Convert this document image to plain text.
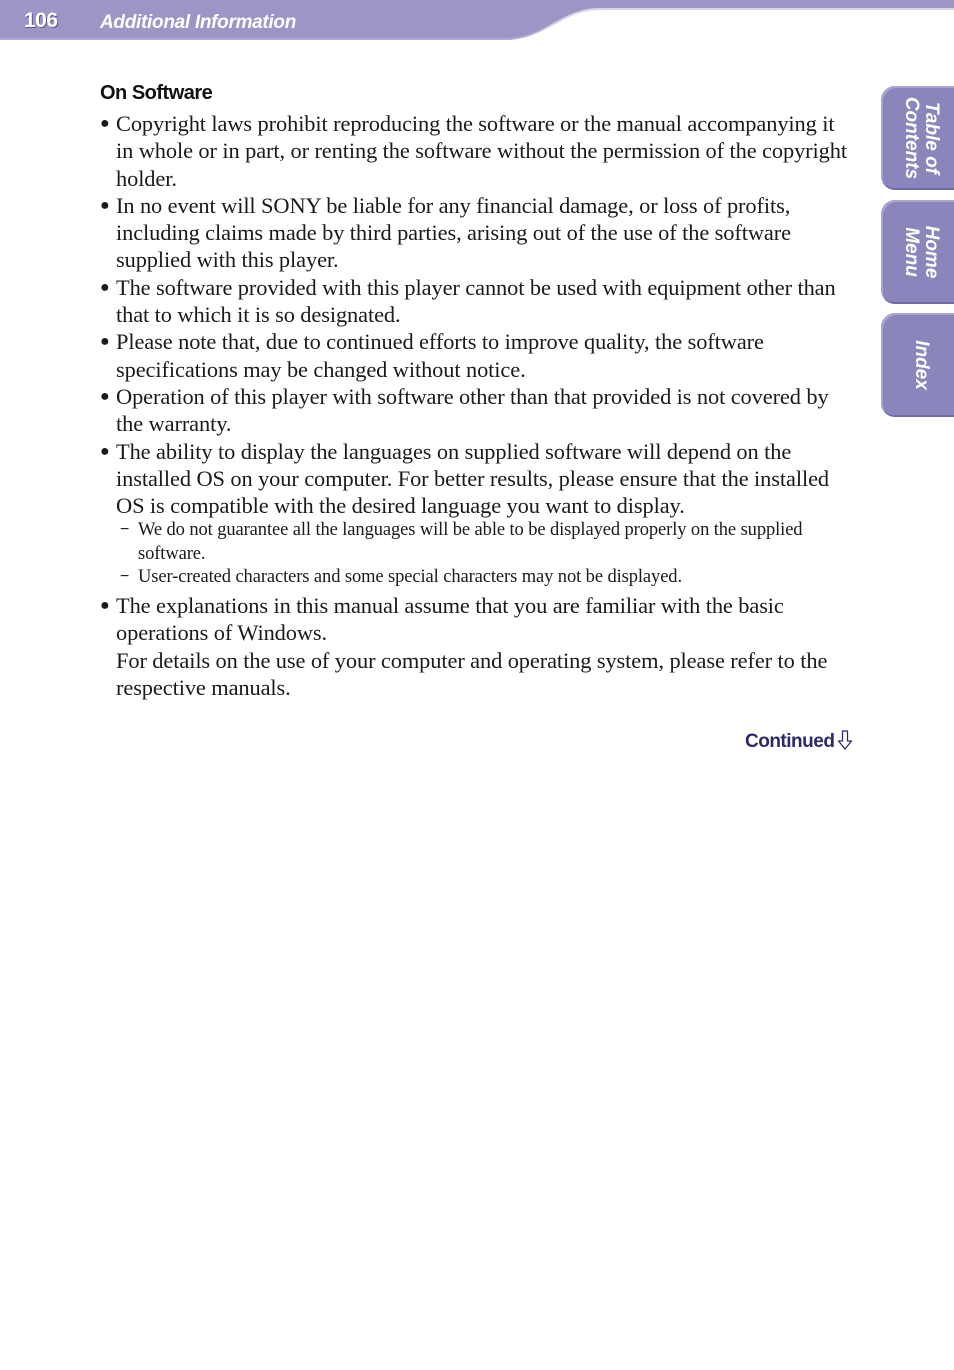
106 Additional Information
Table of
Contents
Home
Menu
Index
On Software
● Copyright laws prohibit reproducing the software or the manual accompanying it in whole or in part, or renting the software without the permission of the copyright holder.
● In no event will SONY be liable for any financial damage, or loss of profits, including claims made by third parties, arising out of the use of the software supplied with this player.
● The software provided with this player cannot be used with equipment other than that to which it is so designated.
● Please note that, due to continued efforts to improve quality, the software specifications may be changed without notice.
● Operation of this player with software other than that provided is not covered by the warranty.
● The ability to display the languages on supplied software will depend on the installed OS on your computer. For better results, please ensure that the installed OS is compatible with the desired language you want to display.
− We do not guarantee all the languages will be able to be displayed properly on the supplied software.
− User-created characters and some special characters may not be displayed.
● The explanations in this manual assume that you are familiar with the basic operations of Windows.
For details on the use of your computer and operating system, please refer to the respective manuals.
Continued
